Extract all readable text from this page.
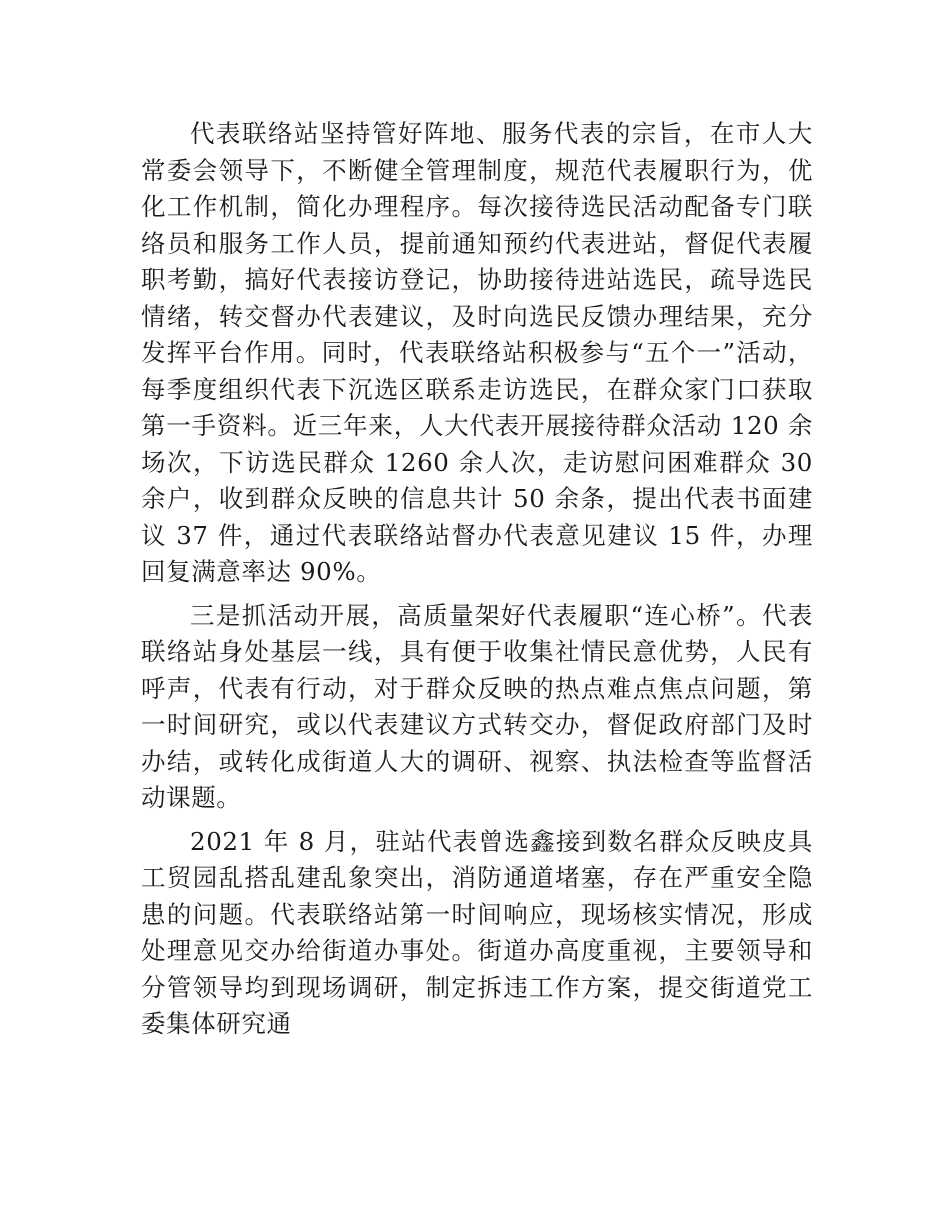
代表联络站坚持管好阵地、服务代表的宗旨，在市人大常委会领导下，不断健全管理制度，规范代表履职行为，优化工作机制，简化办理程序。每次接待选民活动配备专门联络员和服务工作人员，提前通知预约代表进站，督促代表履职考勤，搞好代表接访登记，协助接待进站选民，疏导选民情绪，转交督办代表建议，及时向选民反馈办理结果，充分发挥平台作用。同时，代表联络站积极参与“五个一”活动，每季度组织代表下沉选区联系走访选民，在群众家门口获取第一手资料。近三年来，人大代表开展接待群众活动 120 余场次，下访选民群众 1260 余人次，走访慰问困难群众 30 余户，收到群众反映的信息共计 50 余条，提出代表书面建议 37 件，通过代表联络站督办代表意见建议 15 件，办理回复满意率达 90%。

三是抓活动开展，高质量架好代表履职“连心桥”。代表联络站身处基层一线，具有便于收集社情民意优势，人民有呼声，代表有行动，对于群众反映的热点难点焦点问题，第一时间研究，或以代表建议方式转交办，督促政府部门及时办结，或转化成街道人大的调研、视察、执法检查等监督活动课题。

2021 年 8 月，驻站代表曾选鑫接到数名群众反映皮具工贸园乱搭乱建乱象突出，消防通道堵塞，存在严重安全隐患的问题。代表联络站第一时间响应，现场核实情况，形成处理意见交办给街道办事处。街道办高度重视，主要领导和分管领导均到现场调研，制定拆违工作方案，提交街道党工委集体研究通
